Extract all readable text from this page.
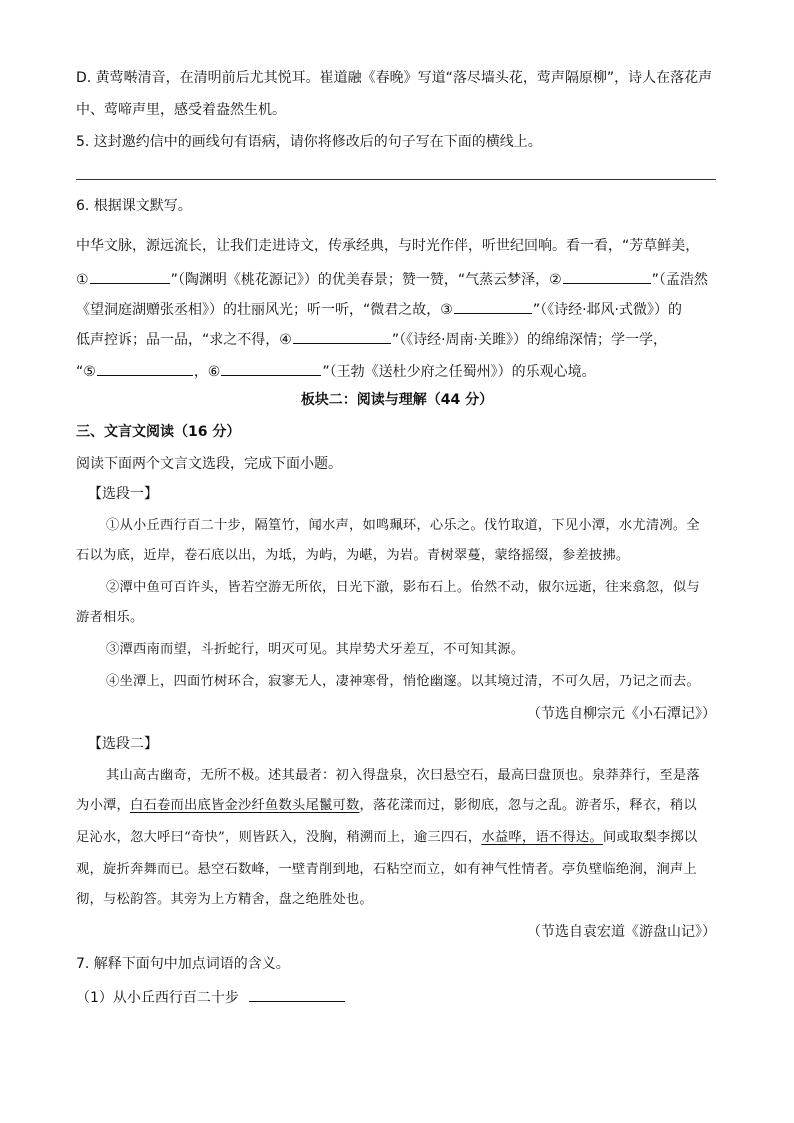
D. 黄莺啭清音，在清明前后尤其悦耳。崔道融《春晚》写道“落尽墙头花，莺声隔原柳”，诗人在落花声
中、莺啼声里，感受着盎然生机。
5. 这封邀约信中的画线句有语病，请你将修改后的句子写在下面的横线上。
6. 根据课文默写。
中华文脉，源远流长，让我们走进诗文，传承经典，与时光作伴，听世纪回响。看一看，“芳草鲜美，
①	”（陶渊明《桃花源记》）的优美春景；赞一赞，“气蒸云梦泽，②	”（孟浩然
《望洞庭湖赠张丞相》）的壮丽风光；听一听，“微君之故，③	”（《诗经·邶风·式微》）的
低声控诉；品一品，“求之不得，④	”（《诗经·周南·关雎》）的绵绵深情；学一学，
“⑤	，⑥	”（王勃《送杜少府之任蜀州》）的乐观心境。
板块二：阅读与理解（44 分）
三、文言文阅读（16 分）
阅读下面两个文言文选段，完成下面小题。
【选段一】
①从小丘西行百二十步，隔篁竹，闻水声，如鸣珮环，心乐之。伐竹取道，下见小潭，水尤清冽。全
石以为底，近岸，卷石底以出，为坻，为屿，为嵁，为岩。青树翠蔓，蒙络摇缀，参差披拂。
②潭中鱼可百许头，皆若空游无所依，日光下澈，影布石上。佁然不动，俶尔远逝，往来翕忽，似与
游者相乐。
③潭西南而望，斗折蛇行，明灭可见。其岸势犬牙差互，不可知其源。
④坐潭上，四面竹树环合，寂寥无人，凄神寒骨，悄怆幽邃。以其境过清，不可久居，乃记之而去。
（节选自柳宗元《小石潭记》）
【选段二】
其山高古幽奇，无所不极。述其最者：初入得盘泉，次曰悬空石，最高曰盘顶也。泉莽莽行，至是落
为小潭，白石卷而出底皆金沙纤鱼数头尾鬣可数，落花漾而过，影彻底，忽与之乱。游者乐，释衣，稍以
足沁水，忽大呼曰“奇快”，则皆跃入，没胸，稍溯而上，逾三四石，水益哗，语不得达。间或取梨李掷以
观，旋折奔舞而已。悬空石数峰，一壁青削到地，石粘空而立，如有神气性情者。亭负壁临绝涧，涧声上
彻，与松韵答。其旁为上方精舍，盘之绝胜处也。
（节选自袁宏道《游盘山记》）
7. 解释下面句中加点词语的含义。
（1）从小丘西行百二十步
